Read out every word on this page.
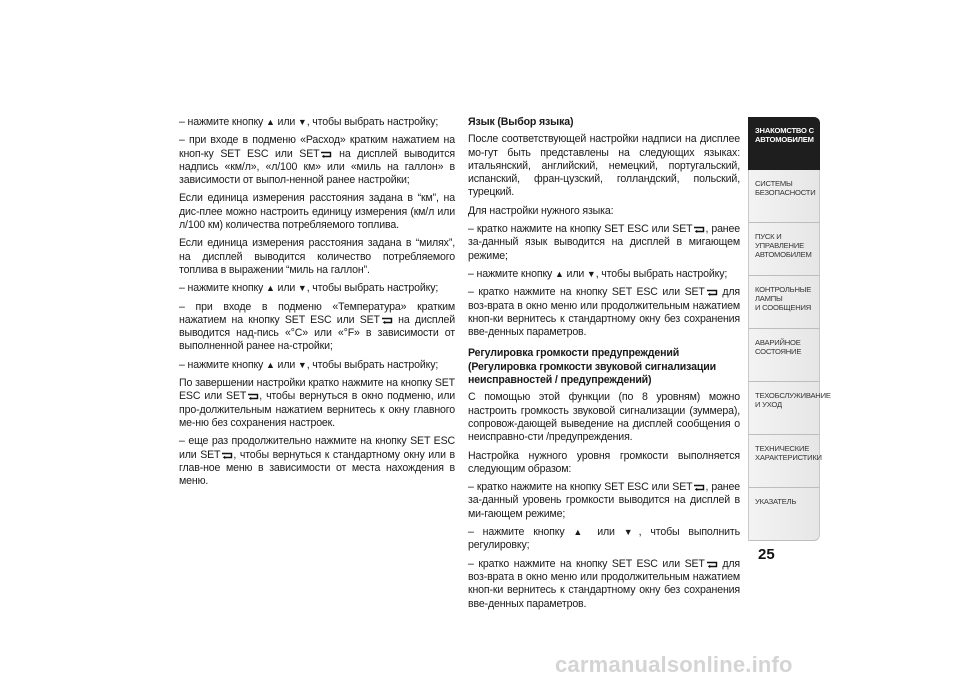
– нажмите кнопку ▲ или ▼, чтобы выбрать настройку;

– при входе в подменю «Расход» кратким нажатием на кноп-ку SET ESC или SET
на дисплей выводится надпись «км/л», «л/100 км» или «миль на галлон» в зависимости от выпол-ненной ранее настройки;

Если единица измерения расстояния задана в “км”, на дис-плее можно настроить единицу измерения (км/л или л/100 км) количества потребляемого топлива.

Если единица измерения расстояния задана в “милях”, на дисплей выводится количество потребляемого топлива в выражении “миль на галлон”.

– нажмите кнопку ▲ или ▼, чтобы выбрать настройку;

– при входе в подменю «Температура» кратким нажатием на кнопку SET ESC или SET
на дисплей выводится над-пись «°C» или «°F» в зависимости от выполненной ранее на-стройки;

– нажмите кнопку ▲ или ▼, чтобы выбрать настройку;

По завершении настройки кратко нажмите на кнопку SET ESC или SET , чтобы вернуться в окно подменю, или про-должительным нажатием вернитесь к окну главного ме-ню без сохранения настроек.

– еще раз продолжительно нажмите на кнопку SET ESC или SET , чтобы вернуться к стандартному окну или в глав-ное меню в зависимости от места нахождения в меню.

Язык (Выбор языка)

После соответствующей настройки надписи на дисплее мо-гут быть представлены на следующих языках: итальянский, английский, немецкий, португальский, испанский, фран-цузский, голландский, польский, турецкий.

Для настройки нужного языка:

– кратко нажмите на кнопку SET ESC или SET , ранее за-данный язык выводится на дисплей в мигающем режиме;

– нажмите кнопку ▲ или ▼, чтобы выбрать настройку;

– кратко нажмите на кнопку SET ESC или SET
для воз-врата в окно меню или продолжительным нажатием кноп-ки вернитесь к стандартному окну без сохранения вве-денных параметров.

Регулировка громкости предупреждений
(Регулировка громкости звуковой сигнализации
неисправностей / предупреждений)

С помощью этой функции (по 8 уровням) можно настроить громкость звуковой сигнализации (зуммера), сопровож-дающей выведение на дисплей сообщения о неисправно-сти /предупреждения.

Настройка нужного уровня громкости выполняется следующим образом:

– кратко нажмите на кнопку SET ESC или SET , ранее за-данный уровень громкости выводится на дисплей в ми-гающем режиме;

– нажмите кнопку ▲ или ▼, чтобы выполнить регулировку;

– кратко нажмите на кнопку SET ESC или SET
для воз-врата в окно меню или продолжительным нажатием кноп-ки вернитесь к стандартному окну без сохранения вве-денных параметров.

ЗНАКОМСТВО С
АВТОМОБИЛЕМ
СИСТЕМЫ
БЕЗОПАСНОСТИ
ПУСК И УПРАВЛЕНИЕ
АВТОМОБИЛЕМ
КОНТРОЛЬНЫЕ
ЛАМПЫ
И СООБЩЕНИЯ
АВАРИЙНОЕ
СОСТОЯНИЕ
ТЕХОБСЛУЖИВАНИЕ
И УХОД
ТЕХНИЧЕСКИЕ
ХАРАКТЕРИСТИКИ
УКАЗАТЕЛЬ
25
carmanualsonline.info
